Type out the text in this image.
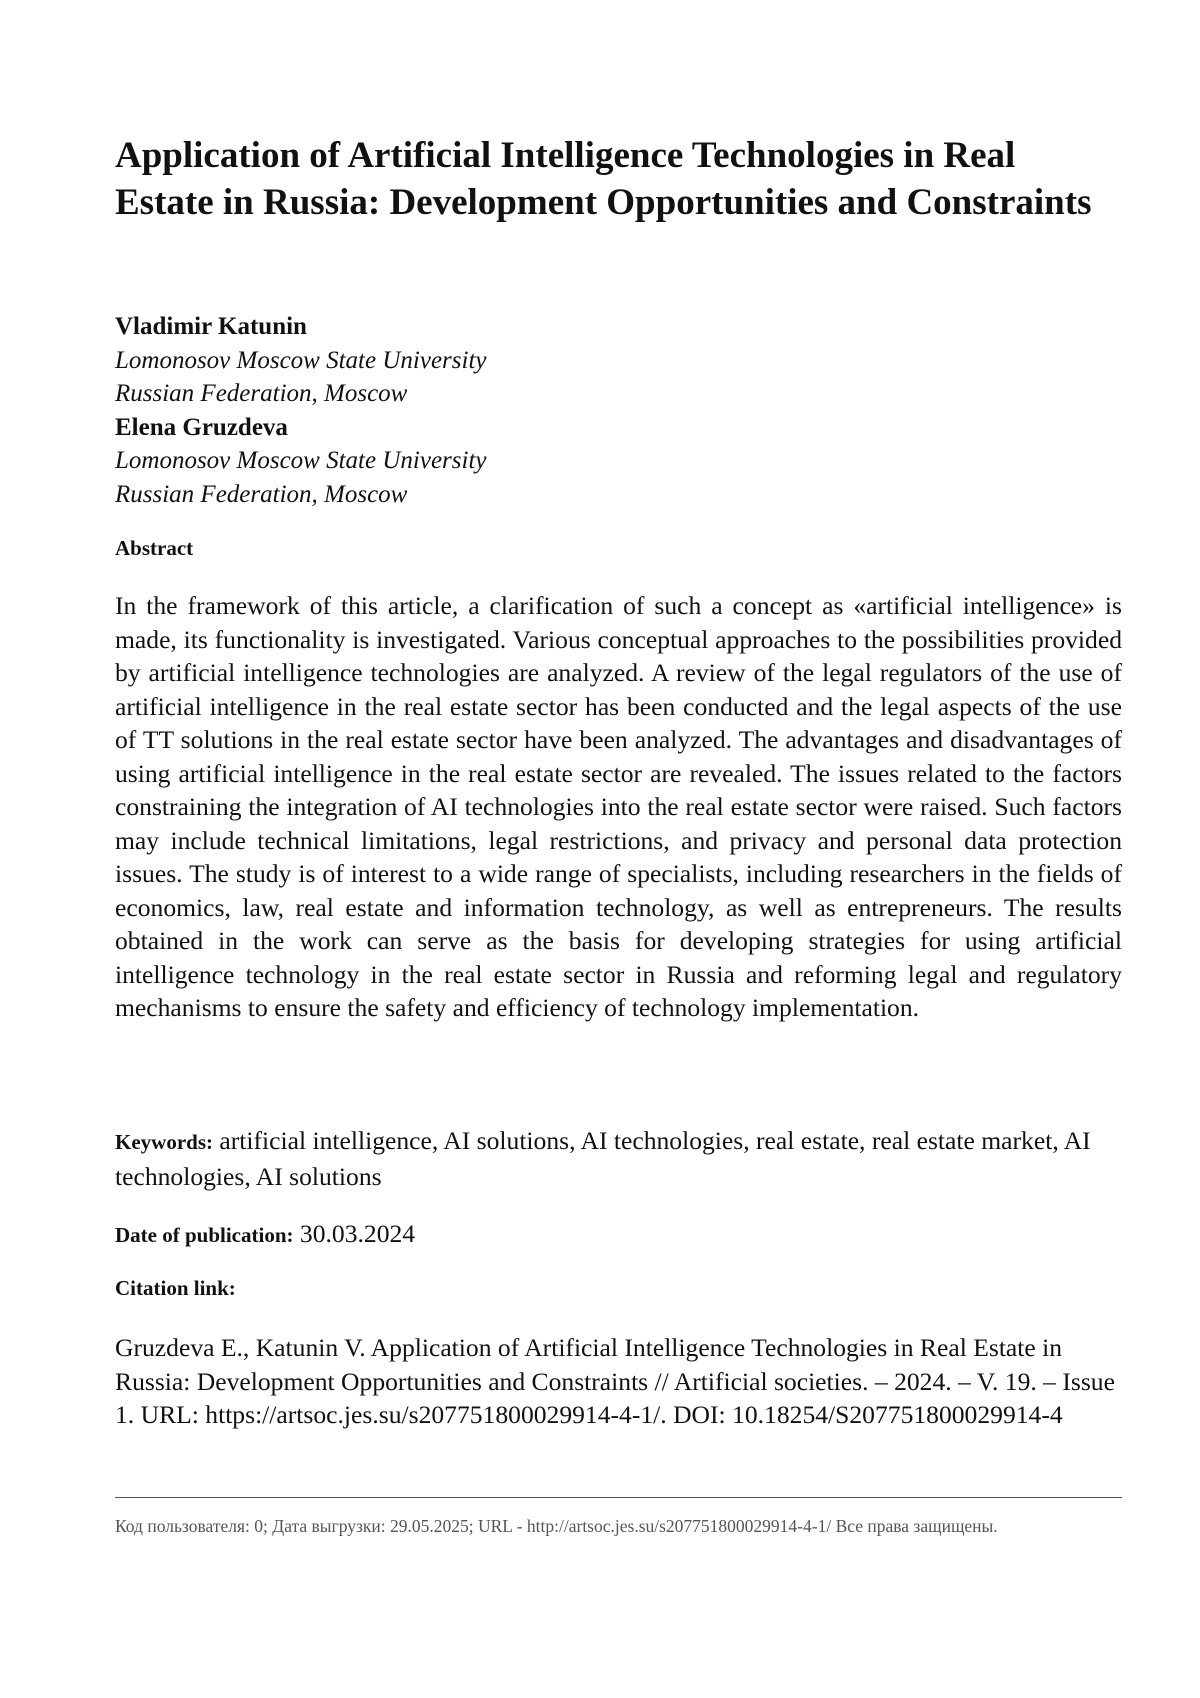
Application of Artificial Intelligence Technologies in Real Estate in Russia: Development Opportunities and Constraints
Vladimir Katunin
Lomonosov Moscow State University
Russian Federation, Moscow
Elena Gruzdeva
Lomonosov Moscow State University
Russian Federation, Moscow
Abstract

In the framework of this article, a clarification of such a concept as «artificial intelligence» is made, its functionality is investigated. Various conceptual approaches to the possibilities provided by artificial intelligence technologies are analyzed. A review of the legal regulators of the use of artificial intelligence in the real estate sector has been conducted and the legal aspects of the use of TT solutions in the real estate sector have been analyzed. The advantages and disadvantages of using artificial intelligence in the real estate sector are revealed. The issues related to the factors constraining the integration of AI technologies into the real estate sector were raised. Such factors may include technical limitations, legal restrictions, and privacy and personal data protection issues. The study is of interest to a wide range of specialists, including researchers in the fields of economics, law, real estate and information technology, as well as entrepreneurs. The results obtained in the work can serve as the basis for developing strategies for using artificial intelligence technology in the real estate sector in Russia and reforming legal and regulatory mechanisms to ensure the safety and efficiency of technology implementation.

Keywords: artificial intelligence, AI solutions, AI technologies, real estate, real estate market, AI technologies, AI solutions

Date of publication: 30.03.2024

Citation link:

Gruzdeva E., Katunin V. Application of Artificial Intelligence Technologies in Real Estate in Russia: Development Opportunities and Constraints // Artificial societies. – 2024. – V. 19. – Issue 1. URL: https://artsoc.jes.su/s207751800029914-4-1/. DOI: 10.18254/S207751800029914-4

Код пользователя: 0; Дата выгрузки: 29.05.2025; URL - http://artsoc.jes.su/s207751800029914-4-1/ Все права защищены.
